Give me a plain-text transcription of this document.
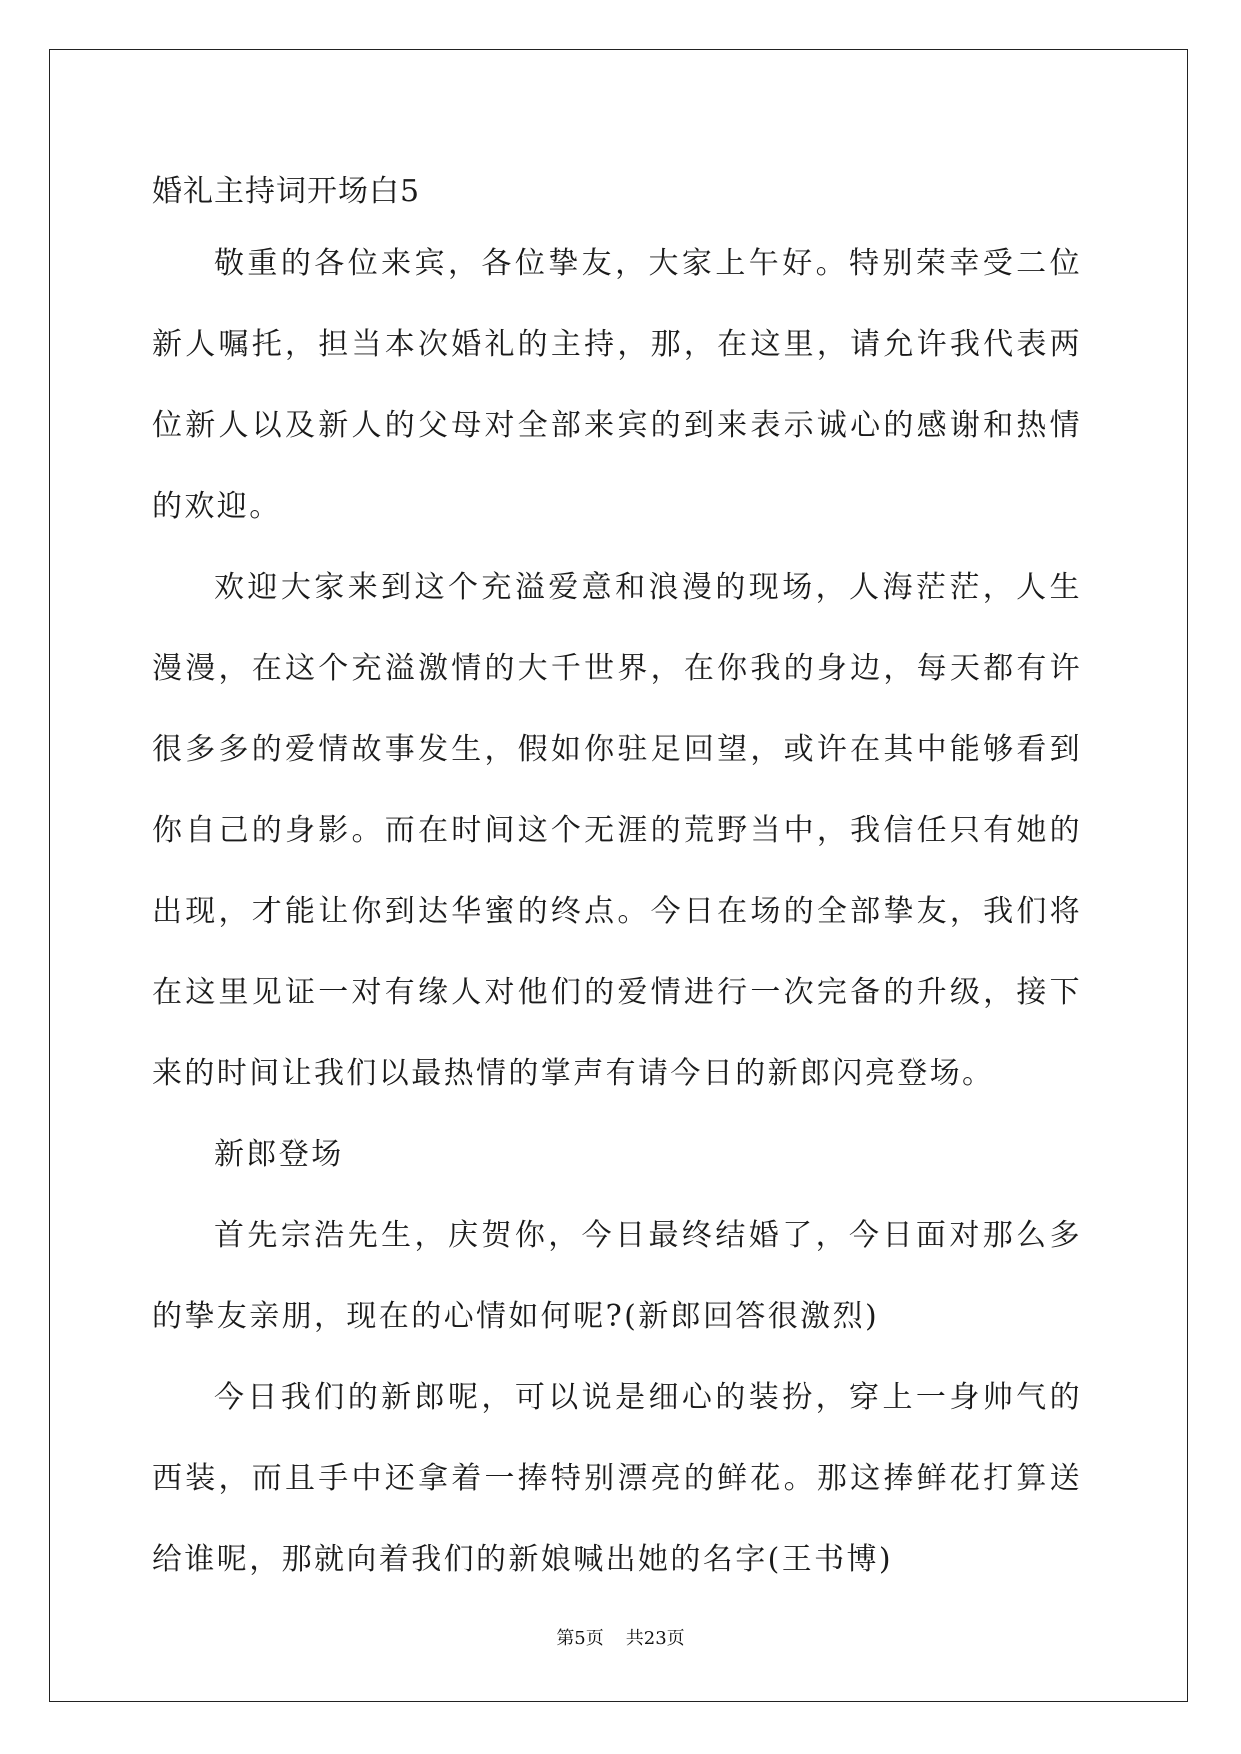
婚礼主持词开场白5

敬重的各位来宾，各位挚友，大家上午好。特别荣幸受二位新人嘱托，担当本次婚礼的主持，那，在这里，请允许我代表两位新人以及新人的父母对全部来宾的到来表示诚心的感谢和热情的欢迎。

欢迎大家来到这个充溢爱意和浪漫的现场，人海茫茫，人生漫漫，在这个充溢激情的大千世界，在你我的身边，每天都有许很多多的爱情故事发生，假如你驻足回望，或许在其中能够看到你自己的身影。而在时间这个无涯的荒野当中，我信任只有她的出现，才能让你到达华蜜的终点。今日在场的全部挚友，我们将在这里见证一对有缘人对他们的爱情进行一次完备的升级，接下来的时间让我们以最热情的掌声有请今日的新郎闪亮登场。

新郎登场

首先宗浩先生，庆贺你，今日最终结婚了，今日面对那么多的挚友亲朋，现在的心情如何呢?(新郎回答很激烈)

今日我们的新郎呢，可以说是细心的装扮，穿上一身帅气的西装，而且手中还拿着一捧特别漂亮的鲜花。那这捧鲜花打算送给谁呢，那就向着我们的新娘喊出她的名字(王书博)

第5页 共23页
